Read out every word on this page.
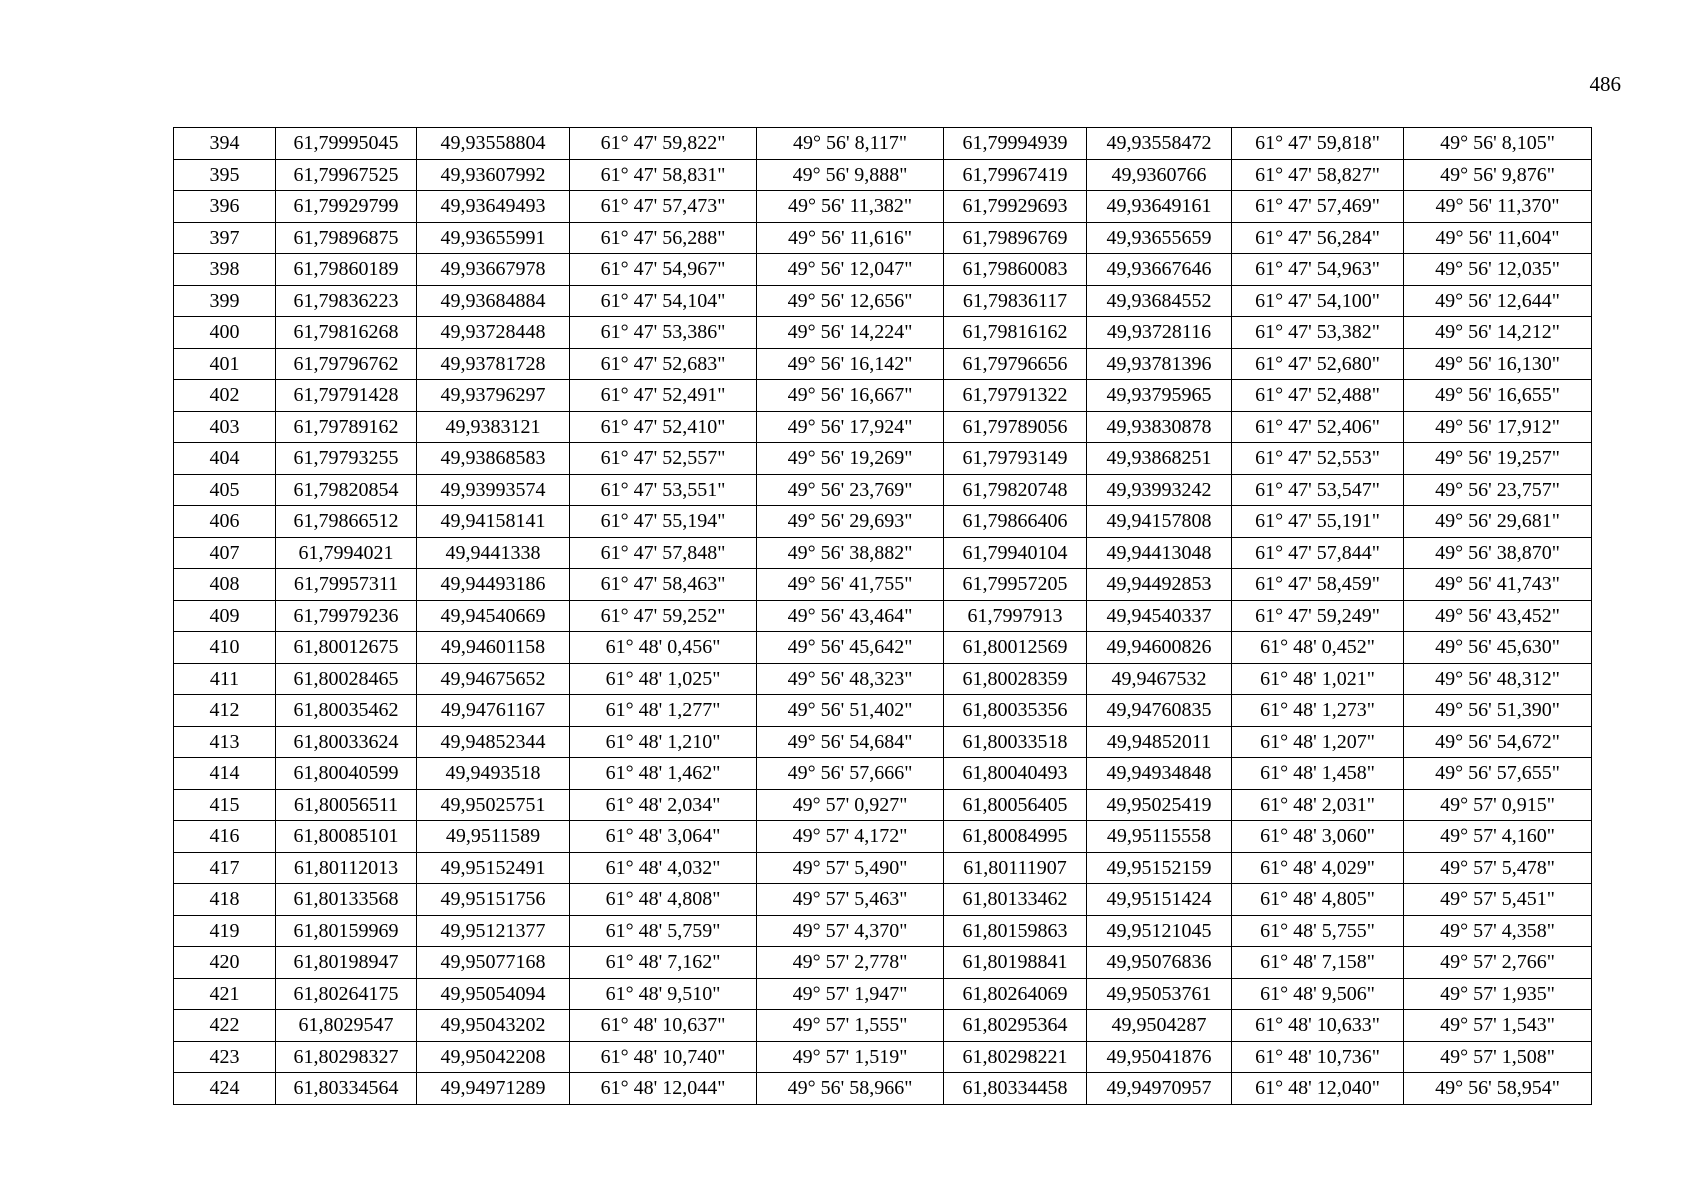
486
394	61,79995045	49,93558804	61° 47' 59,822"	49° 56' 8,117"	61,79994939	49,93558472	61° 47' 59,818"	49° 56' 8,105"
395	61,79967525	49,93607992	61° 47' 58,831"	49° 56' 9,888"	61,79967419	49,9360766	61° 47' 58,827"	49° 56' 9,876"
396	61,79929799	49,93649493	61° 47' 57,473"	49° 56' 11,382"	61,79929693	49,93649161	61° 47' 57,469"	49° 56' 11,370"
397	61,79896875	49,93655991	61° 47' 56,288"	49° 56' 11,616"	61,79896769	49,93655659	61° 47' 56,284"	49° 56' 11,604"
398	61,79860189	49,93667978	61° 47' 54,967"	49° 56' 12,047"	61,79860083	49,93667646	61° 47' 54,963"	49° 56' 12,035"
399	61,79836223	49,93684884	61° 47' 54,104"	49° 56' 12,656"	61,79836117	49,93684552	61° 47' 54,100"	49° 56' 12,644"
400	61,79816268	49,93728448	61° 47' 53,386"	49° 56' 14,224"	61,79816162	49,93728116	61° 47' 53,382"	49° 56' 14,212"
401	61,79796762	49,93781728	61° 47' 52,683"	49° 56' 16,142"	61,79796656	49,93781396	61° 47' 52,680"	49° 56' 16,130"
402	61,79791428	49,93796297	61° 47' 52,491"	49° 56' 16,667"	61,79791322	49,93795965	61° 47' 52,488"	49° 56' 16,655"
403	61,79789162	49,9383121	61° 47' 52,410"	49° 56' 17,924"	61,79789056	49,93830878	61° 47' 52,406"	49° 56' 17,912"
404	61,79793255	49,93868583	61° 47' 52,557"	49° 56' 19,269"	61,79793149	49,93868251	61° 47' 52,553"	49° 56' 19,257"
405	61,79820854	49,93993574	61° 47' 53,551"	49° 56' 23,769"	61,79820748	49,93993242	61° 47' 53,547"	49° 56' 23,757"
406	61,79866512	49,94158141	61° 47' 55,194"	49° 56' 29,693"	61,79866406	49,94157808	61° 47' 55,191"	49° 56' 29,681"
407	61,7994021	49,9441338	61° 47' 57,848"	49° 56' 38,882"	61,79940104	49,94413048	61° 47' 57,844"	49° 56' 38,870"
408	61,79957311	49,94493186	61° 47' 58,463"	49° 56' 41,755"	61,79957205	49,94492853	61° 47' 58,459"	49° 56' 41,743"
409	61,79979236	49,94540669	61° 47' 59,252"	49° 56' 43,464"	61,7997913	49,94540337	61° 47' 59,249"	49° 56' 43,452"
410	61,80012675	49,94601158	61° 48' 0,456"	49° 56' 45,642"	61,80012569	49,94600826	61° 48' 0,452"	49° 56' 45,630"
411	61,80028465	49,94675652	61° 48' 1,025"	49° 56' 48,323"	61,80028359	49,9467532	61° 48' 1,021"	49° 56' 48,312"
412	61,80035462	49,94761167	61° 48' 1,277"	49° 56' 51,402"	61,80035356	49,94760835	61° 48' 1,273"	49° 56' 51,390"
413	61,80033624	49,94852344	61° 48' 1,210"	49° 56' 54,684"	61,80033518	49,94852011	61° 48' 1,207"	49° 56' 54,672"
414	61,80040599	49,9493518	61° 48' 1,462"	49° 56' 57,666"	61,80040493	49,94934848	61° 48' 1,458"	49° 56' 57,655"
415	61,80056511	49,95025751	61° 48' 2,034"	49° 57' 0,927"	61,80056405	49,95025419	61° 48' 2,031"	49° 57' 0,915"
416	61,80085101	49,9511589	61° 48' 3,064"	49° 57' 4,172"	61,80084995	49,95115558	61° 48' 3,060"	49° 57' 4,160"
417	61,80112013	49,95152491	61° 48' 4,032"	49° 57' 5,490"	61,80111907	49,95152159	61° 48' 4,029"	49° 57' 5,478"
418	61,80133568	49,95151756	61° 48' 4,808"	49° 57' 5,463"	61,80133462	49,95151424	61° 48' 4,805"	49° 57' 5,451"
419	61,80159969	49,95121377	61° 48' 5,759"	49° 57' 4,370"	61,80159863	49,95121045	61° 48' 5,755"	49° 57' 4,358"
420	61,80198947	49,95077168	61° 48' 7,162"	49° 57' 2,778"	61,80198841	49,95076836	61° 48' 7,158"	49° 57' 2,766"
421	61,80264175	49,95054094	61° 48' 9,510"	49° 57' 1,947"	61,80264069	49,95053761	61° 48' 9,506"	49° 57' 1,935"
422	61,8029547	49,95043202	61° 48' 10,637"	49° 57' 1,555"	61,80295364	49,9504287	61° 48' 10,633"	49° 57' 1,543"
423	61,80298327	49,95042208	61° 48' 10,740"	49° 57' 1,519"	61,80298221	49,95041876	61° 48' 10,736"	49° 57' 1,508"
424	61,80334564	49,94971289	61° 48' 12,044"	49° 56' 58,966"	61,80334458	49,94970957	61° 48' 12,040"	49° 56' 58,954"
